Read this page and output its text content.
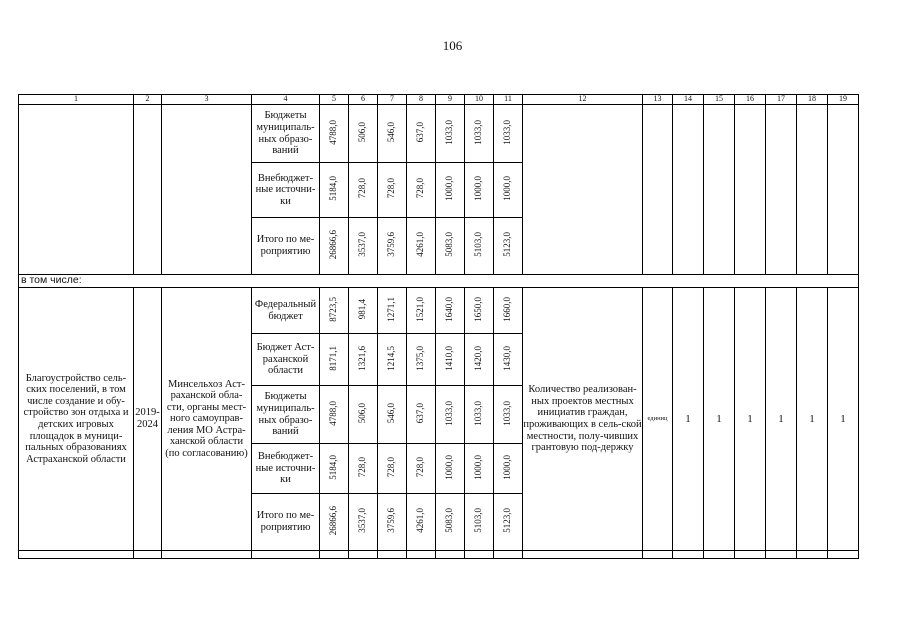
106
1	2	3	4	5	6	7	8	9	10	11	12	13	14	15	16	17	18	19
			Бюджеты муниципаль-ных образо-ваний	4788,0	506,0	546,0	637,0	1033,0	1033,0	1033,0								
			Внебюджет-ные источни-ки	5184,0	728,0	728,0	728,0	1000,0	1000,0	1000,0								
			Итого по ме-роприятию	26866,6	3537,0	3759,6	4261,0	5083,0	5103,0	5123,0								
в том числе:																		
Благоустройство сель-ских поселений, в том числе создание и обу-стройство зон отдыха и детских игровых площадок в муници-пальных образованиях Астраханской области	2019-2024	Минсельхоз Аст-раханской обла-сти, органы мест-ного самоуправ-ления МО Астра-ханской области (по согласованию)	Федеральный бюджет	8723,5	981,4	1271,1	1521,0	1640,0	1650,0	1660,0	Количество реализован-ных проектов местных инициатив граждан, проживающих в сель-ской местности, полу-чивших грантовую под-держку	единиц	1	1	1	1	1	1
			Бюджет Аст-раханской области	8171,1	1321,6	1214,5	1375,0	1410,0	1420,0	1430,0								
			Бюджеты муниципаль-ных образо-ваний	4788,0	506,0	546,0	637,0	1033,0	1033,0	1033,0								
			Внебюджет-ные источни-ки	5184,0	728,0	728,0	728,0	1000,0	1000,0	1000,0								
			Итого по ме-роприятию	26866,6	3537,0	3759,6	4261,0	5083,0	5103,0	5123,0								
